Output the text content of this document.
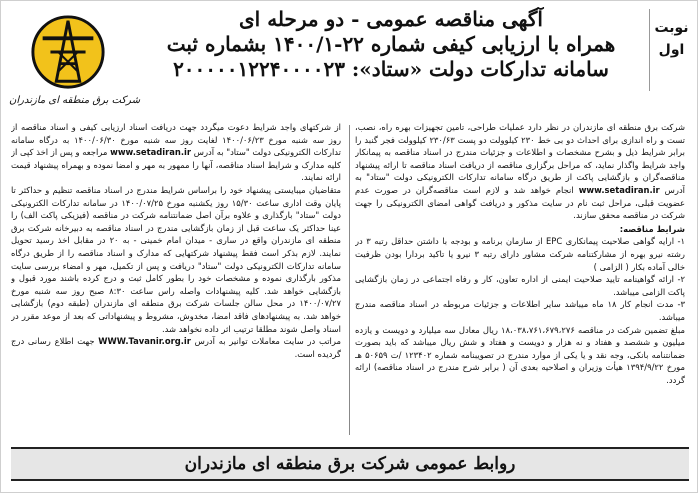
شرکت برق منطقه ای مازندران
آگهی مناقصه عمومی - دو مرحله ای
همراه با ارزیابی کیفی شماره ۲۲-۱۴۰۰/۱ بشماره ثبت
سامانه تدارکات دولت «ستاد»: ۲۰۰۰۰۰۱۲۲۴۰۰۰۰۲۳
نوبت
اول

شرکت برق منطقه ای مازندران در نظر دارد عملیات طراحی، تامین تجهیزات بهره راه، نصب، تست و راه اندازی برای احداث دو بی خط ۲۳۰ کیلوولت دو پست ۲۳۰/۶۳ کیلوولت فجر گنبد را برابر شرایط ذیل و بشرح مشخصات و اطلاعات و جزئیات مندرج در اسناد مناقصه به پیمانکار واجد شرایط واگذار نماید، که مراحل برگزاری مناقصه از دریافت اسناد مناقصه تا ارائه پیشنهاد مناقصه‌گران و بازگشایی پاکت از طریق درگاه سامانه تدارکات الکترونیکی دولت "ستاد" به آدرس www.setadiran.ir انجام خواهد شد و لازم است مناقصه‌گران در صورت عدم عضویت قبلی، مراحل ثبت نام در سایت مذکور و دریافت گواهی امضای الکترونیکی را جهت شرکت در مناقصه محقق سازند.

شرایط مناقصه:

۱- ارایه گواهی صلاحیت پیمانکاری EPC از سازمان برنامه و بودجه با داشتن حداقل رتبه ۳ در رشته نیرو بهره از مشارکتنامه شرکت مشاور دارای رتبه ۳ نیرو یا تاکید بردارا بودن ظرفیت خالی آماده بکار ( الزامی )

۲- ارائه گواهینامه تایید صلاحیت ایمنی از اداره تعاون، کار و رفاه اجتماعی در زمان بازگشایی پاکت الزامی میباشد.

۳- مدت انجام کار ۱۸ ماه میباشد سایر اطلاعات و جزئیات مربوطه در اسناد مناقصه مندرج میباشد.

مبلغ تضمین شرکت در مناقصه ۱۸،۰۳۸،۷۶۱،۶۷۹،۲۷۶ ریال معادل سه میلیارد و دویست و یازده میلیون و ششصد و هفتاد و نه هزار و دویست و هفتاد و شش ریال میباشد که باید بصورت ضمانتنامه بانکی، وجه نقد و یا یکی از موارد مندرج در تصویبنامه شماره ۱۲۳۴۰۲ /ت ۵۰۶۵۹ هـ مورخ ۱۳۹۴/۹/۲۲ هیأت وزیران و اصلاحیه بعدی آن ( برابر شرح مندرج در اسناد مناقصه) ارائه گردد.

از شرکتهای واجد شرایط دعوت میگردد جهت دریافت اسناد ارزیابی کیفی و اسناد مناقصه از روز سه شنبه مورخ ۱۴۰۰/۰۶/۲۳ لغایت روز سه شنبه مورخ ۱۴۰۰/۰۶/۳۰ به درگاه سامانه تدارکات الکترونیکی دولت "ستاد" به آدرس www.setadiran.ir مراجعه و پس از اخذ کپی از کلیه مدارک و شرایط اسناد مناقصه، آنها را ممهور به مهر و امضا نموده و بهمراه پیشنهاد قیمت ارائه نمایند.

متقاضیان میبایستی پیشنهاد خود را براساس شرایط مندرج در اسناد مناقصه تنظیم و حداکثر تا پایان وقت اداری ساعت ۱۵/۳۰ روز یکشنبه مورخ ۱۴۰۰/۰۷/۲۵ در سامانه تدارکات الکترونیکی دولت "ستاد" بارگذاری و علاوه برآن اصل ضمانتنامه شرکت در مناقصه (فیزیکی پاکت الف) را عینا حداکثر یک ساعت قبل از زمان بازگشایی مندرج در اسناد مناقصه به دبیرخانه شرکت برق منطقه ای مازندران واقع در ساری - میدان امام خمینی - به ۲۰ در مقابل اخذ رسید تحویل نمایند. لازم بذکر است فقط پیشنهاد شرکتهایی که مدارک و اسناد مناقصه را از طریق درگاه سامانه تدارکات الکترونیکی دولت "ستاد" دریافت و پس از تکمیل، مهر و امضاء بررسی سایت مذکور بارگذاری نموده و مشخصات خود را بطور کامل ثبت و درج کرده باشند مورد قبول و بازگشایی خواهد شد. کلیه پیشنهادات واصله راس ساعت ۸:۳۰ صبح روز سه شنبه مورخ ۱۴۰۰/۰۷/۲۷ در محل سالن جلسات شرکت برق منطقه ای مازندران (طبقه دوم) بازگشایی خواهد شد. به پیشنهادهای فاقد امضا، مخدوش، مشروط و پیشنهاداتی که بعد از موعد مقرر در اسناد واصل شوند مطلقا ترتیب اثر داده نخواهد شد.

مراتب در سایت معاملات توانیر به آدرس WWW.Tavanir.org.ir جهت اطلاع رسانی درج گردیده است.

روابط عمومی شرکت برق منطقه ای مازندران
